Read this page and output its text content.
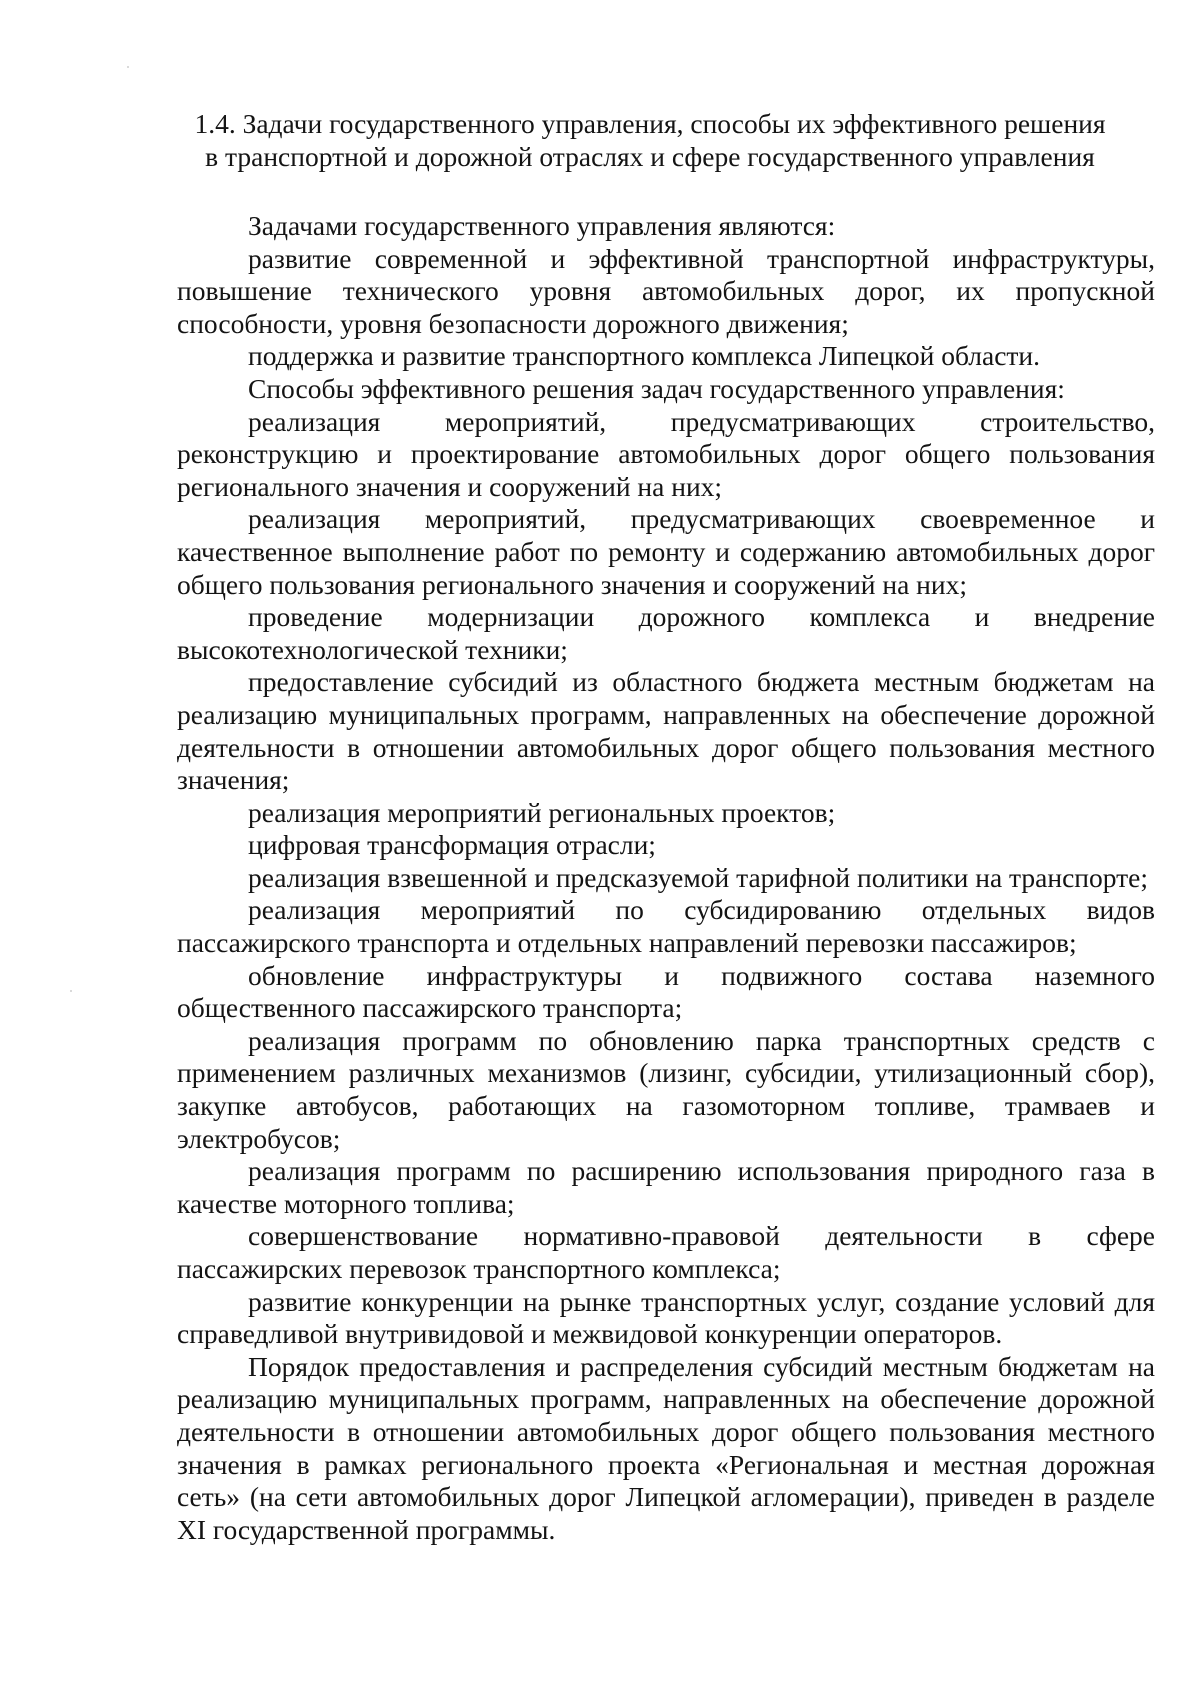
1.4. Задачи государственного управления, способы их эффективного решения
в транспортной и дорожной отраслях и сфере государственного управления

Задачами государственного управления являются:

развитие современной и эффективной транспортной инфраструктуры, повышение технического уровня автомобильных дорог, их пропускной способности, уровня безопасности дорожного движения;

поддержка и развитие транспортного комплекса Липецкой области.

Способы эффективного решения задач государственного управления:

реализация мероприятий, предусматривающих строительство, реконструкцию и проектирование автомобильных дорог общего пользования регионального значения и сооружений на них;

реализация мероприятий, предусматривающих своевременное и качественное выполнение работ по ремонту и содержанию автомобильных дорог общего пользования регионального значения и сооружений на них;

проведение модернизации дорожного комплекса и внедрение высокотехнологической техники;

предоставление субсидий из областного бюджета местным бюджетам на реализацию муниципальных программ, направленных на обеспечение дорожной деятельности в отношении автомобильных дорог общего пользования местного значения;

реализация мероприятий региональных проектов;

цифровая трансформация отрасли;

реализация взвешенной и предсказуемой тарифной политики на транспорте;

реализация мероприятий по субсидированию отдельных видов пассажирского транспорта и отдельных направлений перевозки пассажиров;

обновление инфраструктуры и подвижного состава наземного общественного пассажирского транспорта;

реализация программ по обновлению парка транспортных средств с применением различных механизмов (лизинг, субсидии, утилизационный сбор), закупке автобусов, работающих на газомоторном топливе, трамваев и электробусов;

реализация программ по расширению использования природного газа в качестве моторного топлива;

совершенствование нормативно-правовой деятельности в сфере пассажирских перевозок транспортного комплекса;

развитие конкуренции на рынке транспортных услуг, создание условий для справедливой внутривидовой и межвидовой конкуренции операторов.

Порядок предоставления и распределения субсидий местным бюджетам на реализацию муниципальных программ, направленных на обеспечение дорожной деятельности в отношении автомобильных дорог общего пользования местного значения в рамках регионального проекта «Региональная и местная дорожная сеть» (на сети автомобильных дорог Липецкой агломерации), приведен в разделе XI государственной программы.
